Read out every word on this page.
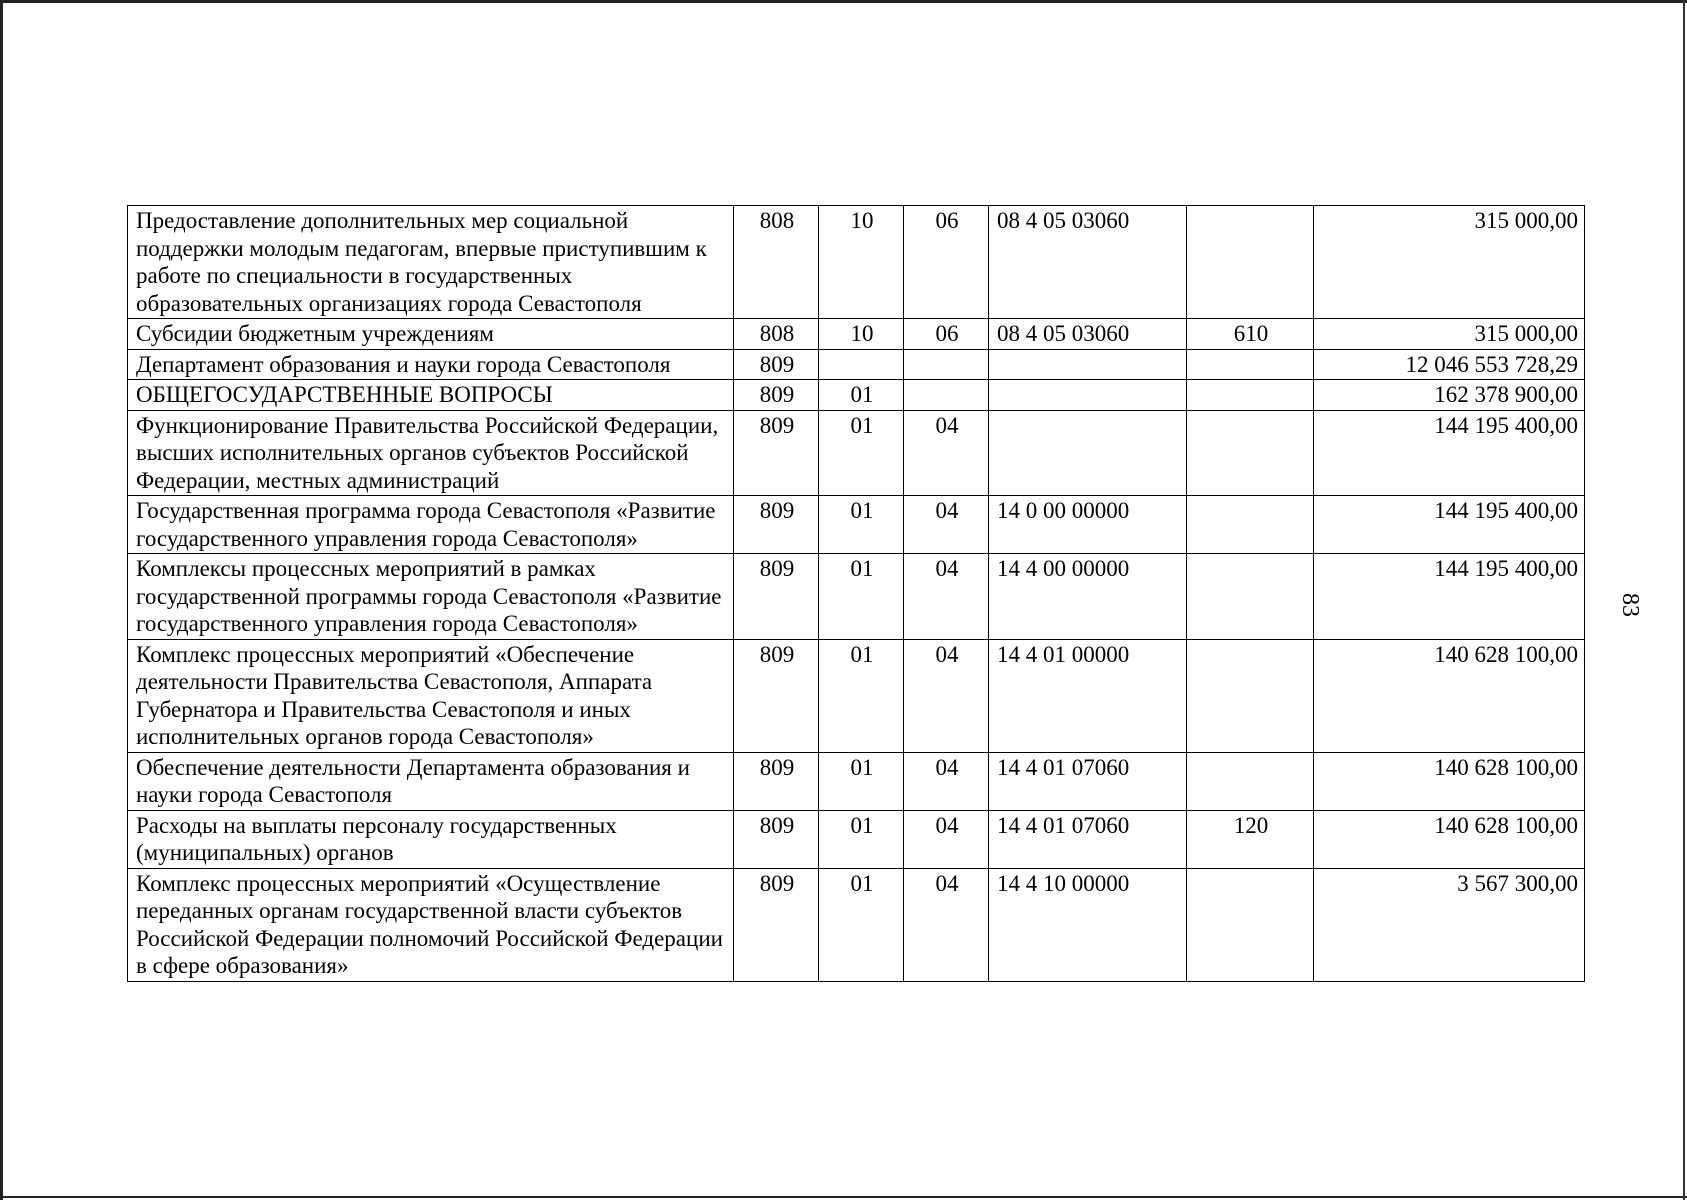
83
Предоставление дополнительных мер социальной поддержки молодым педагогам, впервые приступившим к работе по специальности в государственных образовательных организациях города Севастополя	808	10	06	08 4 05 03060		315 000,00
Субсидии бюджетным учреждениям	808	10	06	08 4 05 03060	610	315 000,00
Департамент образования и науки города Севастополя	809					12 046 553 728,29
ОБЩЕГОСУДАРСТВЕННЫЕ ВОПРОСЫ	809	01				162 378 900,00
Функционирование Правительства Российской Федерации, высших исполнительных органов субъектов Российской Федерации, местных администраций	809	01	04			144 195 400,00
Государственная программа города Севастополя «Развитие государственного управления города Севастополя»	809	01	04	14 0 00 00000		144 195 400,00
Комплексы процессных мероприятий в рамках государственной программы города Севастополя «Развитие государственного управления города Севастополя»	809	01	04	14 4 00 00000		144 195 400,00
Комплекс процессных мероприятий «Обеспечение деятельности Правительства Севастополя, Аппарата Губернатора и Правительства Севастополя и иных исполнительных органов города Севастополя»	809	01	04	14 4 01 00000		140 628 100,00
Обеспечение деятельности Департамента образования и науки города Севастополя	809	01	04	14 4 01 07060		140 628 100,00
Расходы на выплаты персоналу государственных (муниципальных) органов	809	01	04	14 4 01 07060	120	140 628 100,00
Комплекс процессных мероприятий «Осуществление переданных органам государственной власти субъектов Российской Федерации полномочий Российской Федерации в сфере образования»	809	01	04	14 4 10 00000		3 567 300,00
